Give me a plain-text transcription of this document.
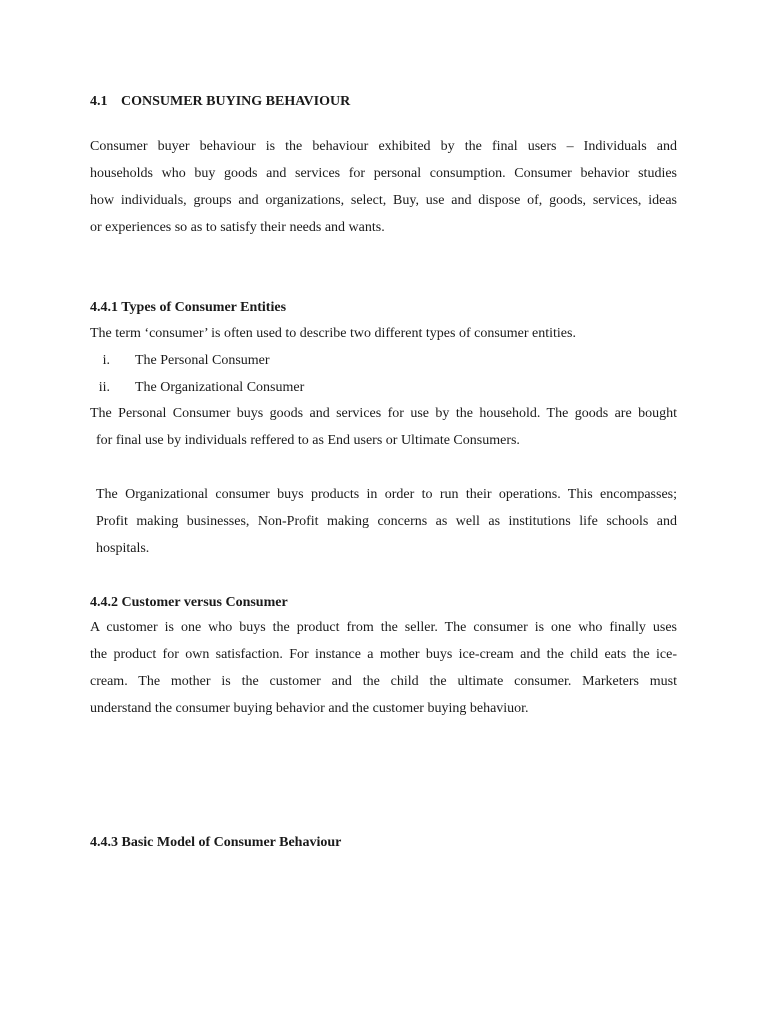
4.1 CONSUMER BUYING BEHAVIOUR

Consumer buyer behaviour is the behaviour exhibited by the final users – Individuals and
households who buy goods and services for personal consumption. Consumer behavior studies
how individuals, groups and organizations, select, Buy, use and dispose of, goods, services, ideas
or experiences so as to satisfy their needs and wants.

4.4.1 Types of Consumer Entities

The term ‘consumer’ is often used to describe two different types of consumer entities.

i. The Personal Consumer
ii. The Organizational Consumer

The Personal Consumer buys goods and services for use by the household. The goods are bought
for final use by individuals reffered to as End users or Ultimate Consumers.

The Organizational consumer buys products in order to run their operations. This encompasses;
Profit making businesses, Non-Profit making concerns as well as institutions life schools and
hospitals.

4.4.2 Customer versus Consumer

A customer is one who buys the product from the seller. The consumer is one who finally uses
the product for own satisfaction. For instance a mother buys ice-cream and the child eats the ice-
cream. The mother is the customer and the child the ultimate consumer. Marketers must
understand the consumer buying behavior and the customer buying behaviuor.

4.4.3 Basic Model of Consumer Behaviour
